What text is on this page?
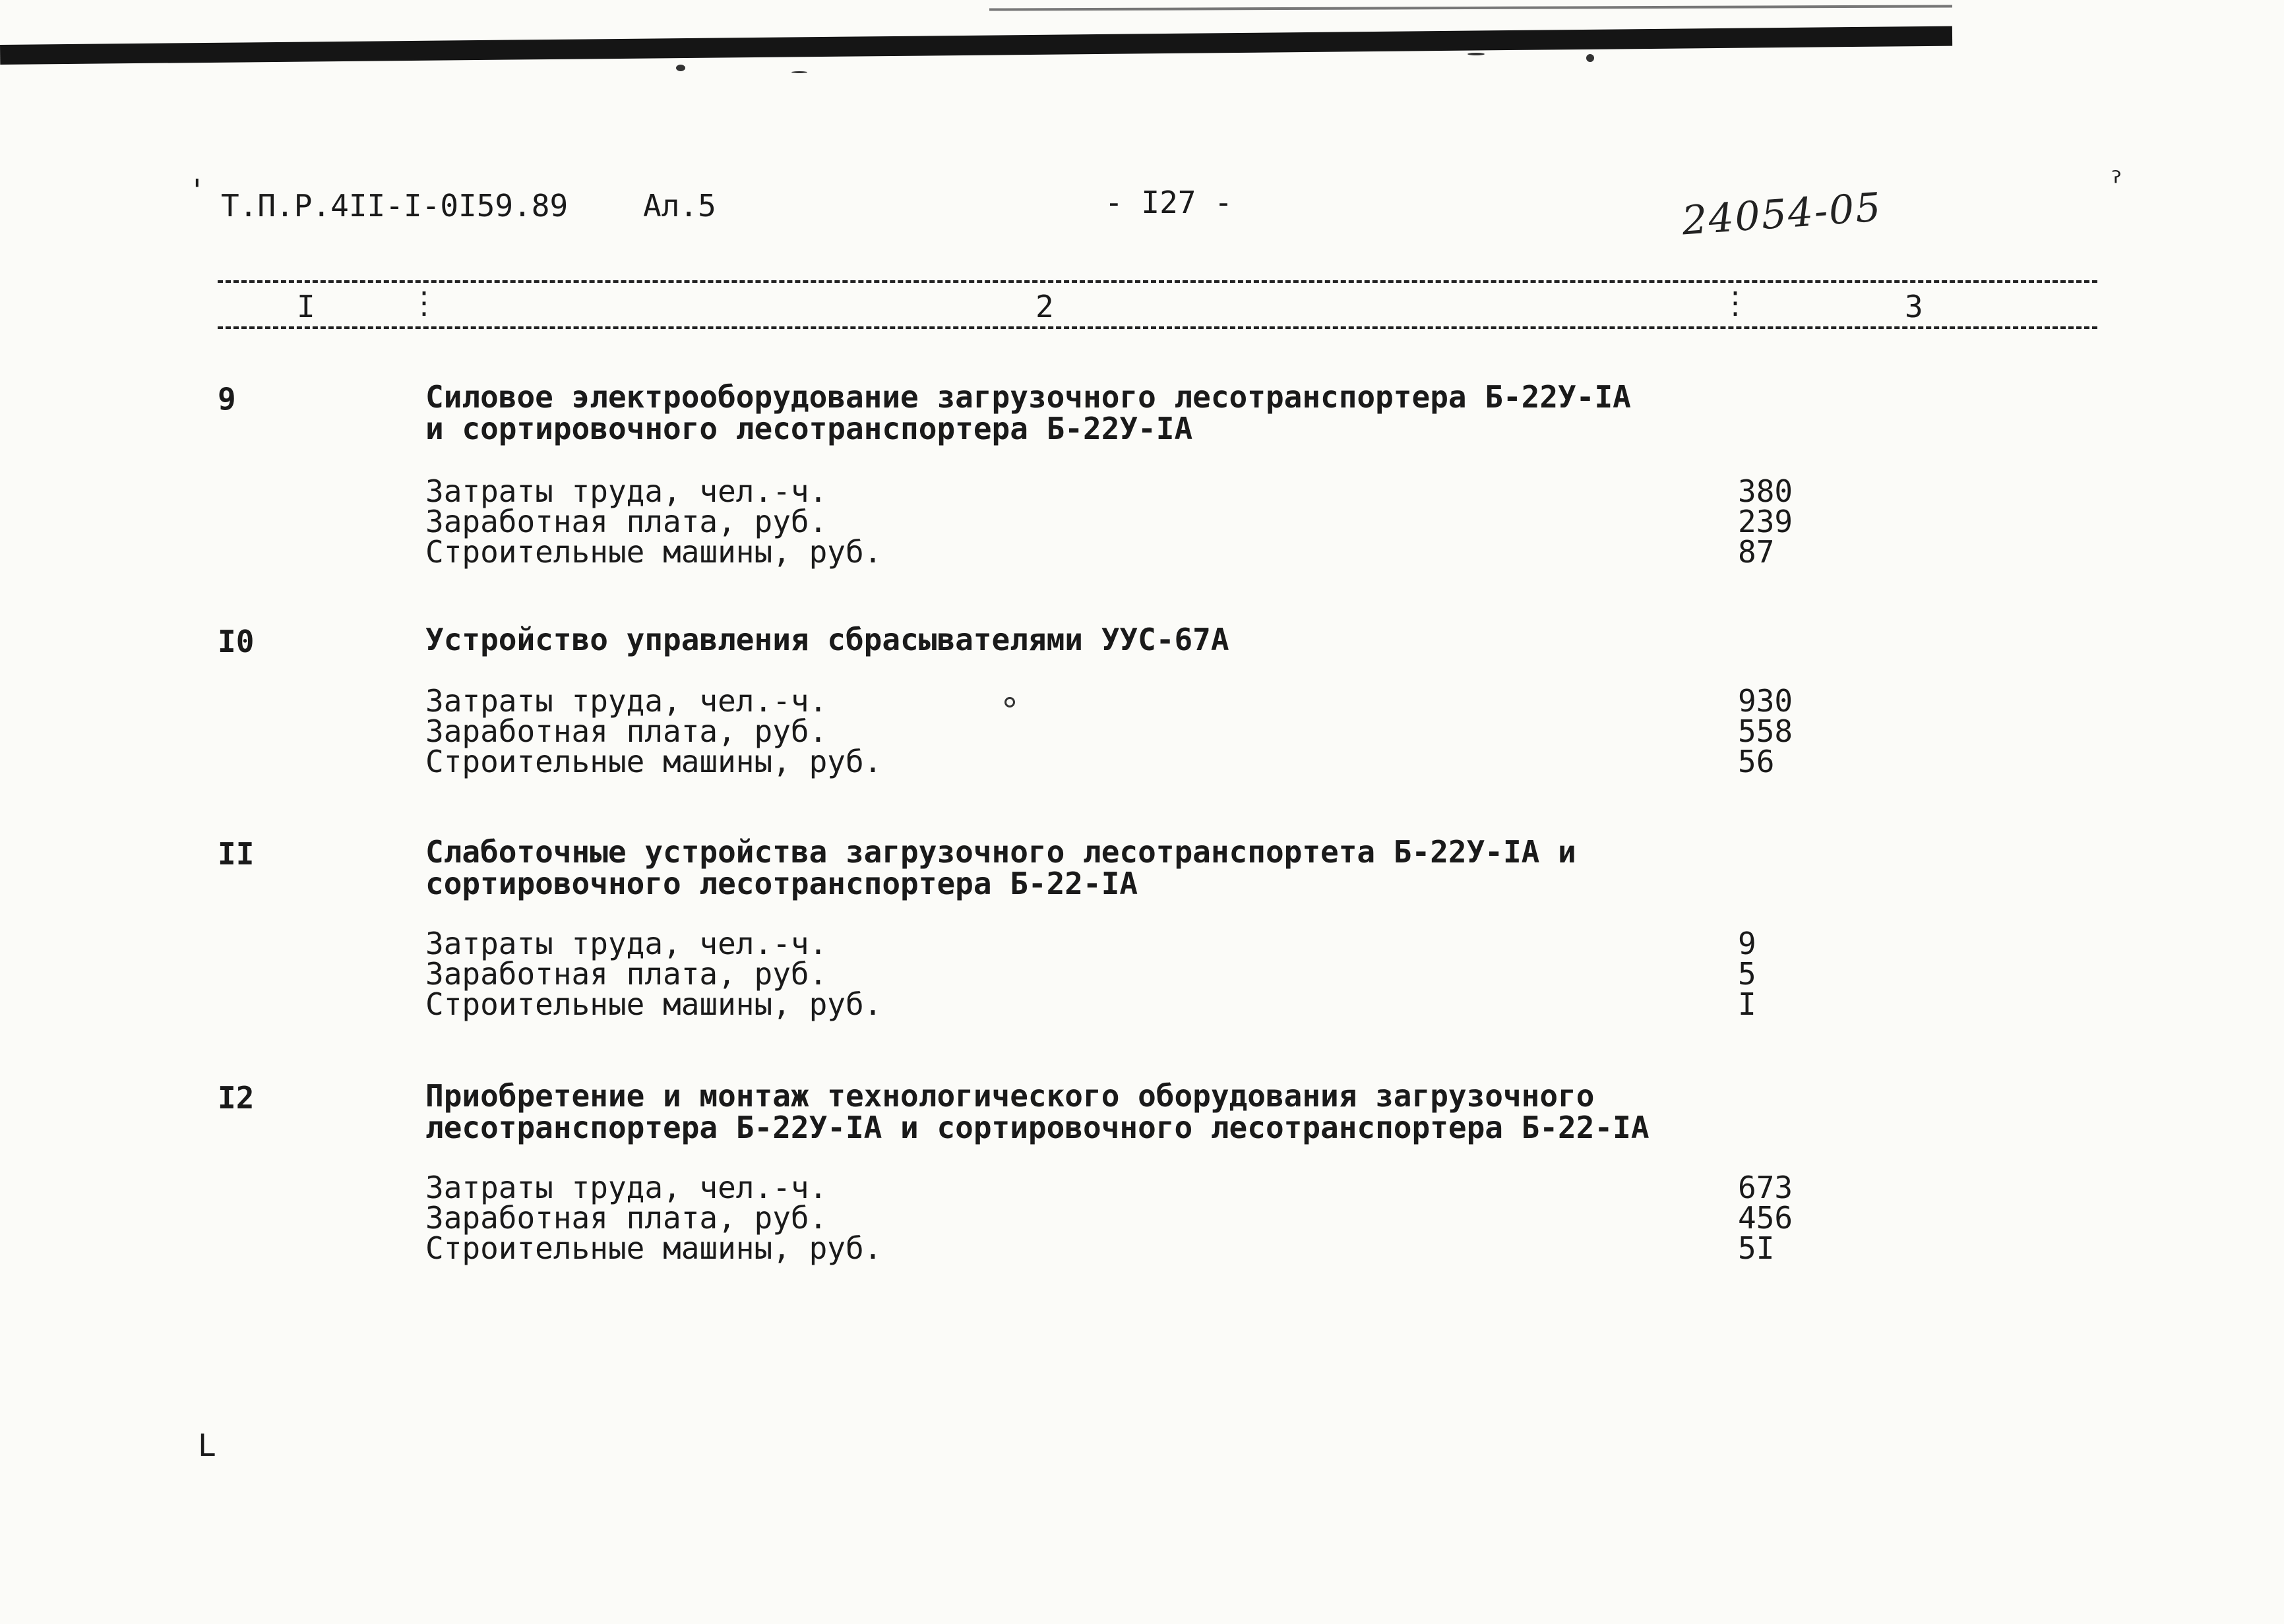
'	ˀ
L
Т.П.Р.4II-I-0I59.89 Ал.5	- I27 -	24054-05
I	⋮	2	⋮	3
9	Силовое электрооборудование загрузочного лесотранспортера Б-22У-IА
и сортировочного лесотранспортера Б-22У-IА
Затраты труда, чел.-ч.	380
Заработная плата, руб.	239
Строительные машины, руб.	87
I0	Устройство управления сбрасывателями УУС-67А
Затраты труда, чел.-ч.	930
Заработная плата, руб.	558
Строительные машины, руб.	56
II	Слаботочные устройства загрузочного лесотранспортета Б-22У-IА и
сортировочного лесотранспортера Б-22-IА
Затраты труда, чел.-ч.	9
Заработная плата, руб.	5
Строительные машины, руб.	I
I2	Приобретение и монтаж технологического оборудования загрузочного
лесотранспортера Б-22У-IА и сортировочного лесотранспортера Б-22-IА
Затраты труда, чел.-ч.	673
Заработная плата, руб.	456
Строительные машины, руб.	5I
